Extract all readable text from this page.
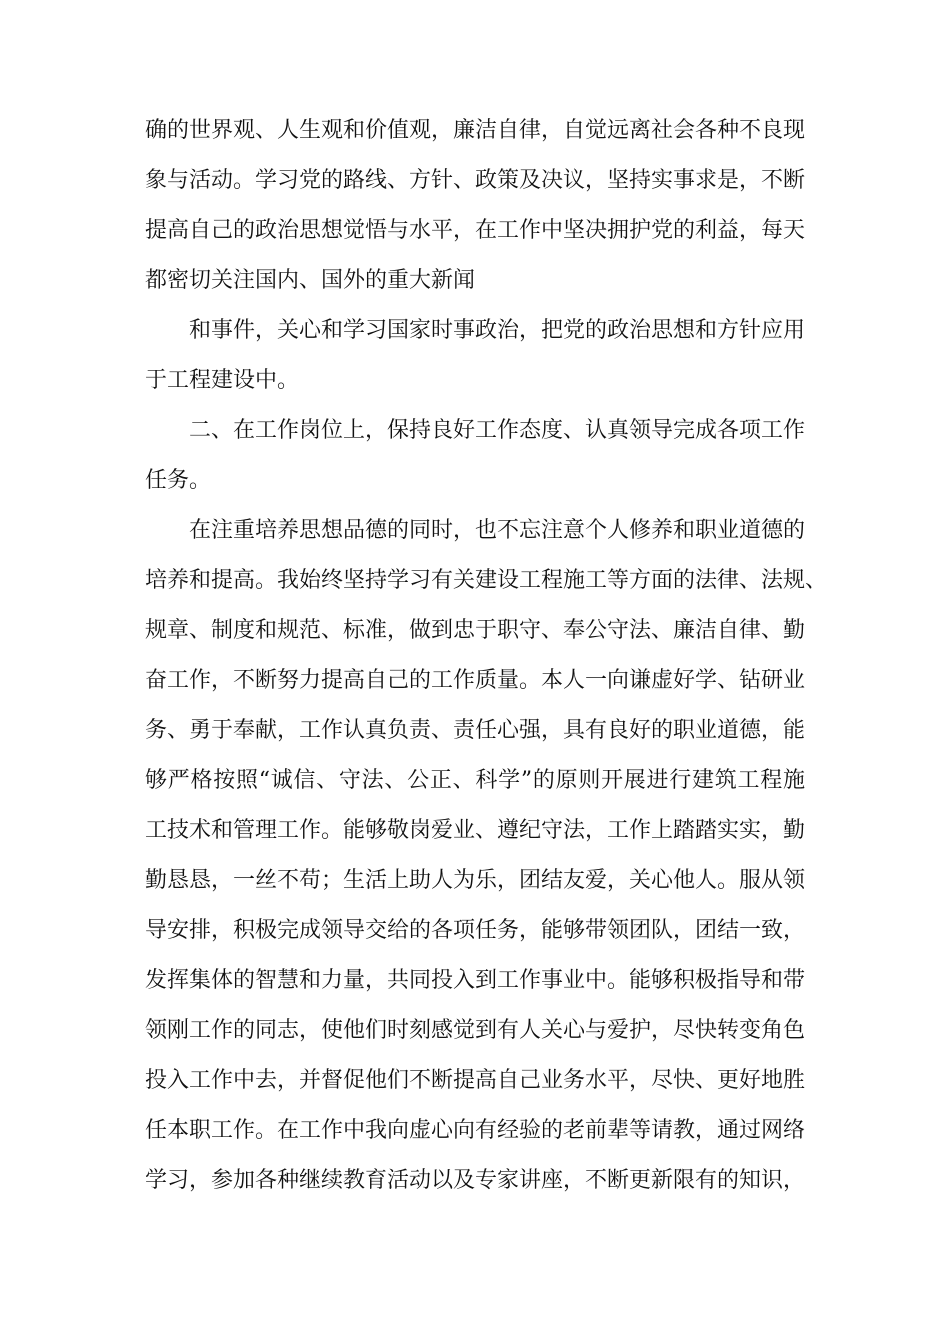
确的世界观、人生观和价值观，廉洁自律，自觉远离社会各种不良现
象与活动。学习党的路线、方针、政策及决议，坚持实事求是，不断
提高自己的政治思想觉悟与水平，在工作中坚决拥护党的利益，每天
都密切关注国内、国外的重大新闻
和事件，关心和学习国家时事政治，把党的政治思想和方针应用
于工程建设中。
二、在工作岗位上，保持良好工作态度、认真领导完成各项工作
任务。
在注重培养思想品德的同时，也不忘注意个人修养和职业道德的
培养和提高。我始终坚持学习有关建设工程施工等方面的法律、法规、
规章、制度和规范、标准，做到忠于职守、奉公守法、廉洁自律、勤
奋工作，不断努力提高自己的工作质量。本人一向谦虚好学、钻研业
务、勇于奉献，工作认真负责、责任心强，具有良好的职业道德，能
够严格按照“诚信、守法、公正、科学”的原则开展进行建筑工程施
工技术和管理工作。能够敬岗爱业、遵纪守法，工作上踏踏实实，勤
勤恳恳，一丝不苟；生活上助人为乐，团结友爱，关心他人。服从领
导安排，积极完成领导交给的各项任务，能够带领团队，团结一致，
发挥集体的智慧和力量，共同投入到工作事业中。能够积极指导和带
领刚工作的同志，使他们时刻感觉到有人关心与爱护，尽快转变角色
投入工作中去，并督促他们不断提高自己业务水平，尽快、更好地胜
任本职工作。在工作中我向虚心向有经验的老前辈等请教，通过网络
学习，参加各种继续教育活动以及专家讲座，不断更新限有的知识，
